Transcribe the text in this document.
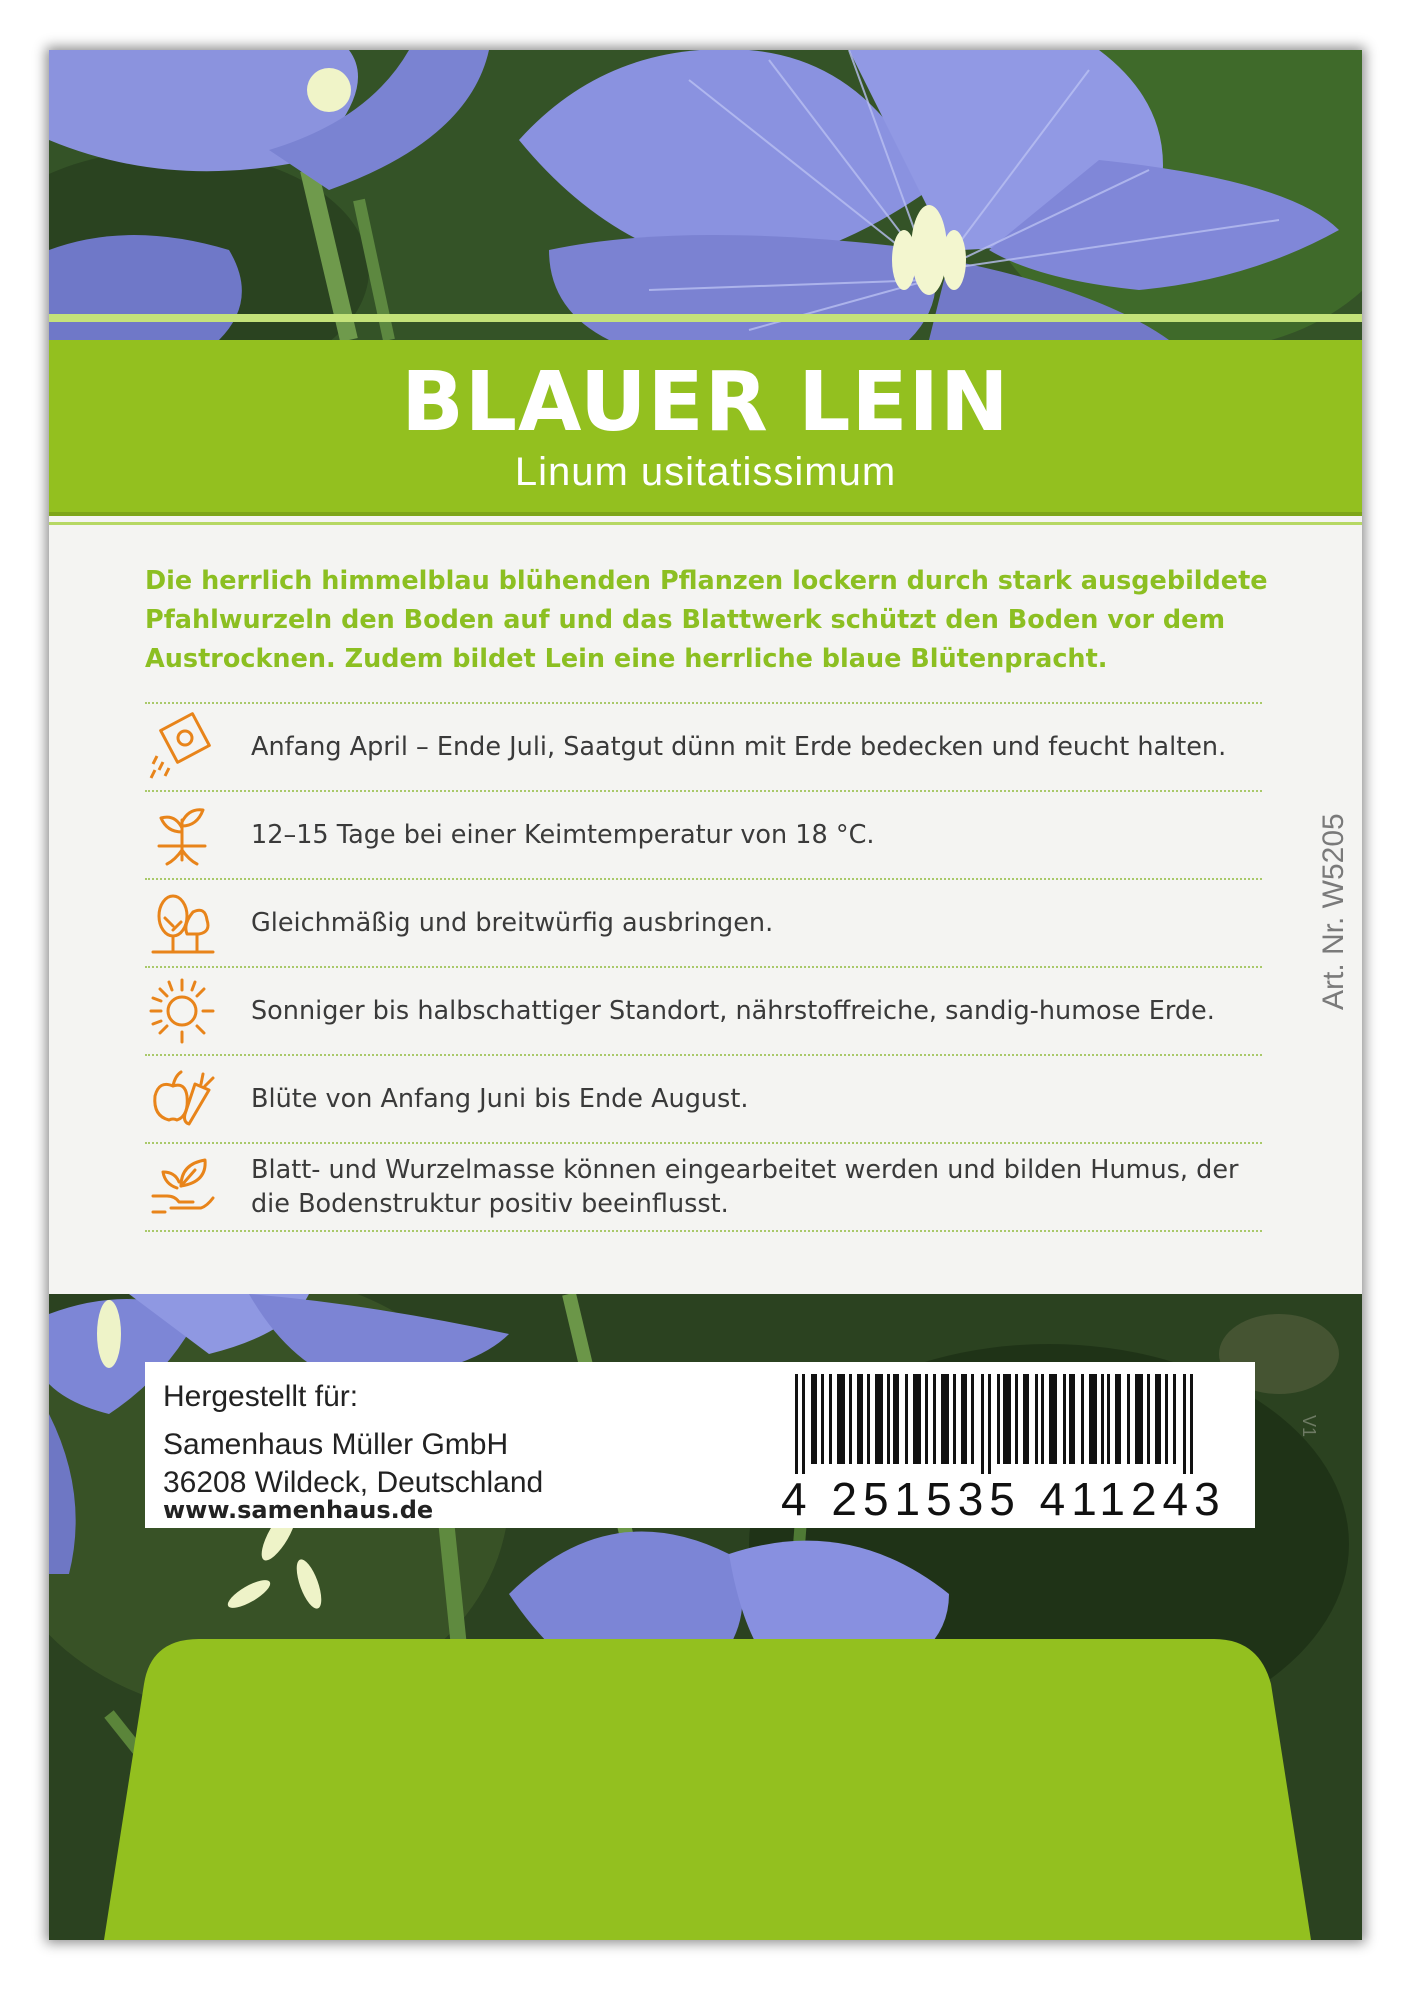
BLAUER LEIN

Linum usitatissimum

Die herrlich himmelblau blühenden Pflanzen lockern durch stark ausgebildete Pfahlwurzeln den Boden auf und das Blattwerk schützt den Boden vor dem Austrocknen. Zudem bildet Lein eine herrliche blaue Blütenpracht.

Anfang April – Ende Juli, Saatgut dünn mit Erde bedecken und feucht halten.
12–15 Tage bei einer Keimtemperatur von 18 °C.
Gleichmäßig und breitwürfig ausbringen.
Sonniger bis halbschattiger Standort, nährstoffreiche, sandig-humose Erde.
Blüte von Anfang Juni bis Ende August.
Blatt- und Wurzelmasse können eingearbeitet werden und bilden Humus, der die Bodenstruktur positiv beeinflusst.
Art. Nr. W5205
V1

Hergestellt für:

Samenhaus Müller GmbH

36208 Wildeck, Deutschland

www.samenhaus.de	4 251535 411243
